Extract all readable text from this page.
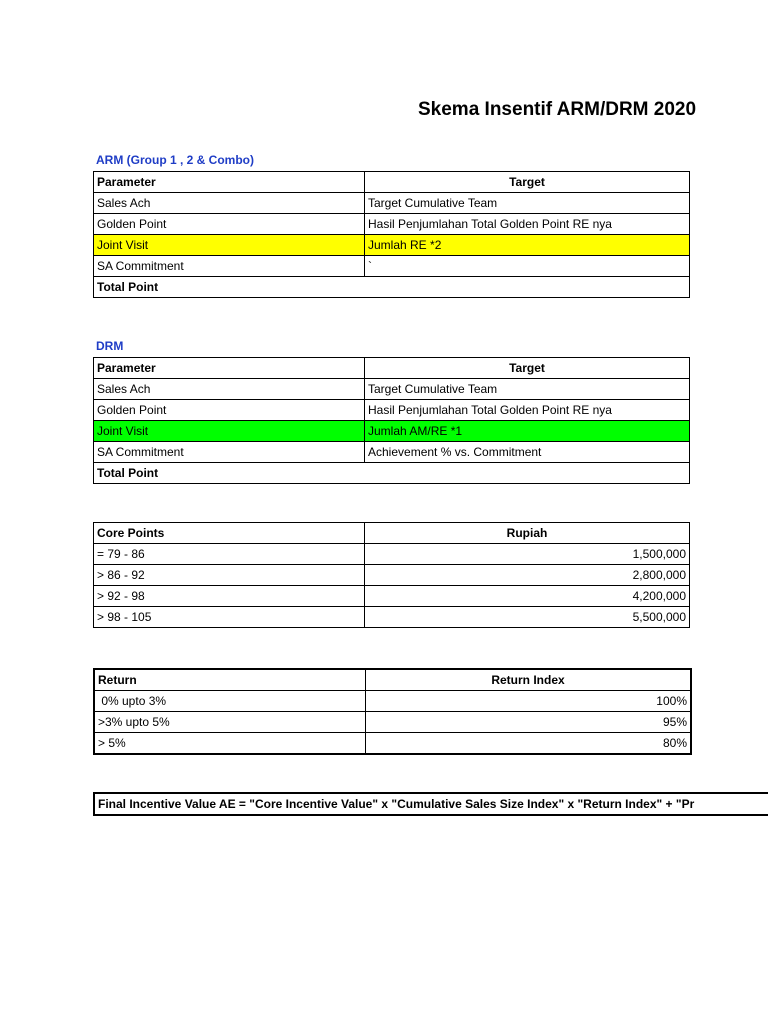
Skema Insentif ARM/DRM 2020
ARM (Group 1 , 2 & Combo)
Parameter	Target
Sales Ach	Target Cumulative Team
Golden Point	Hasil Penjumlahan Total Golden Point RE nya
Joint Visit	Jumlah RE *2
SA Commitment	`
Total Point	
DRM
Parameter	Target
Sales Ach	Target Cumulative Team
Golden Point	Hasil Penjumlahan Total Golden Point RE nya
Joint Visit	Jumlah AM/RE *1
SA Commitment	Achievement % vs. Commitment
Total Point	
Core Points	Rupiah
= 79 - 86	1,500,000
> 86 - 92	2,800,000
> 92 - 98	4,200,000
> 98 - 105	5,500,000
Return	Return Index
0% upto 3%	100%
>3% upto 5%	95%
> 5%	80%
Final Incentive Value AE = "Core Incentive Value" x "Cumulative Sales Size Index" x "Return Index" + "Pr
